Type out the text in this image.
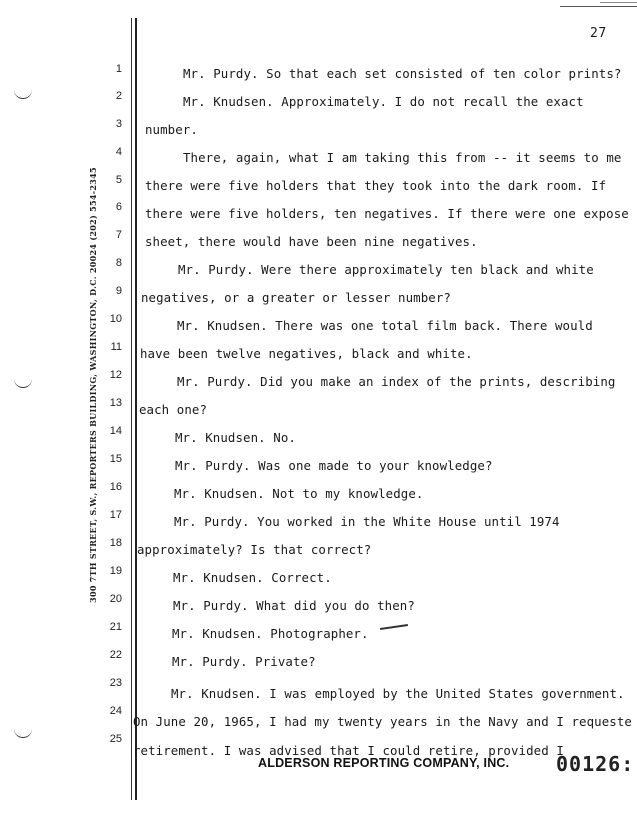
300 7TH STREET, S.W., REPORTERS BUILDING, WASHINGTON, D.C. 20024 (202) 554-2345
27
1
2
3
4
5
6
7
8
9
10
11
12
13
14
15
16
17
18
19
20
21
22
23
24
25
Mr. Purdy. So that each set consisted of ten color prints?
Mr. Knudsen. Approximately. I do not recall the exact
number.
There, again, what I am taking this from -- it seems to me
there were five holders that they took into the dark room. If
there were five holders, ten negatives. If there were one expose
sheet, there would have been nine negatives.
Mr. Purdy. Were there approximately ten black and white
negatives, or a greater or lesser number?
Mr. Knudsen. There was one total film back. There would
have been twelve negatives, black and white.
Mr. Purdy. Did you make an index of the prints, describing
each one?
Mr. Knudsen. No.
Mr. Purdy. Was one made to your knowledge?
Mr. Knudsen. Not to my knowledge.
Mr. Purdy. You worked in the White House until 1974
approximately? Is that correct?
Mr. Knudsen. Correct.
Mr. Purdy. What did you do then?
Mr. Knudsen. Photographer.
Mr. Purdy. Private?
Mr. Knudsen. I was employed by the United States government.
On June 20, 1965, I had my twenty years in the Navy and I requeste
retirement. I was advised that I could retire, provided I
ALDERSON REPORTING COMPANY, INC. 00126:
